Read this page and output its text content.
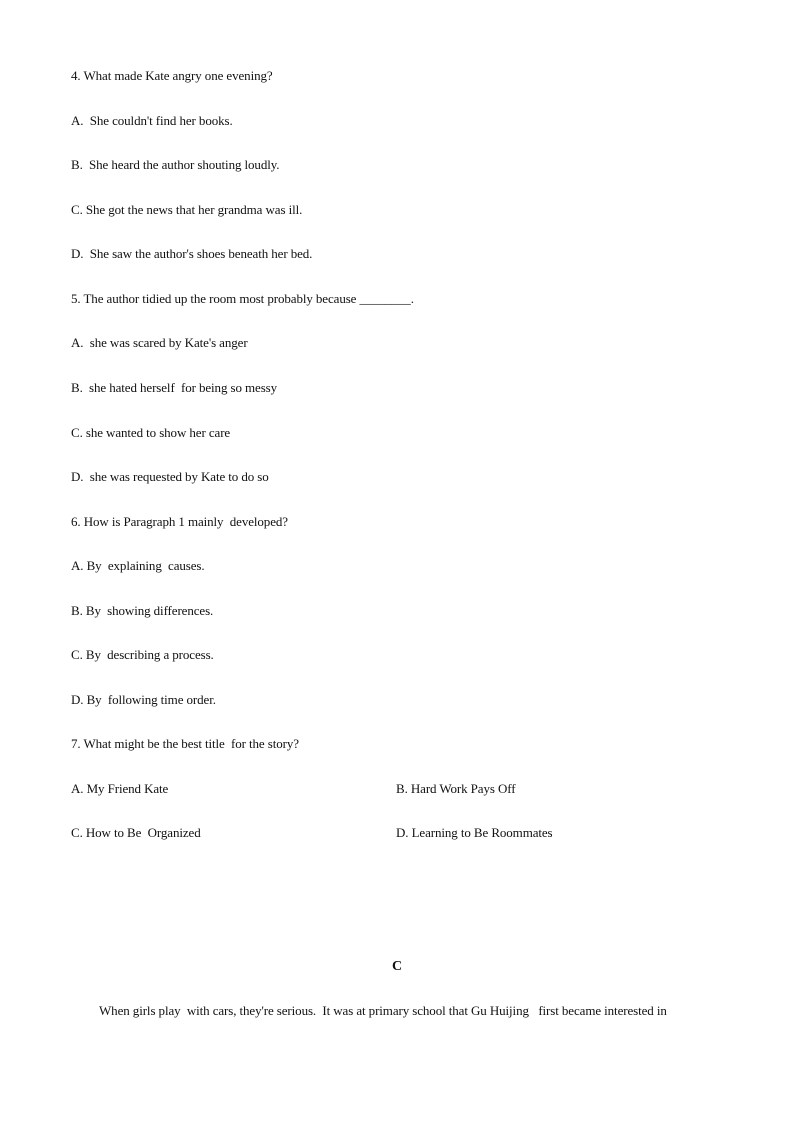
4. What made Kate angry one evening?
A.  She couldn't find her books.
B.  She heard the author shouting loudly.
C. She got the news that her grandma was ill.
D.  She saw the author's shoes beneath her bed.
5. The author tidied up the room most probably because ________.
A.  she was scared by Kate's anger
B.  she hated herself  for being so messy
C. she wanted to show her care
D.  she was requested by Kate to do so
6. How is Paragraph 1 mainly  developed?
A. By  explaining  causes.
B. By  showing differences.
C. By  describing a process.
D. By  following time order.
7. What might be the best title  for the story?
A. My Friend Kate	B. Hard Work Pays Off
C. How to Be  Organized	D. Learning to Be Roommates
C
When girls play  with cars, they're serious.  It was at primary school that Gu Huijing   first became interested in
